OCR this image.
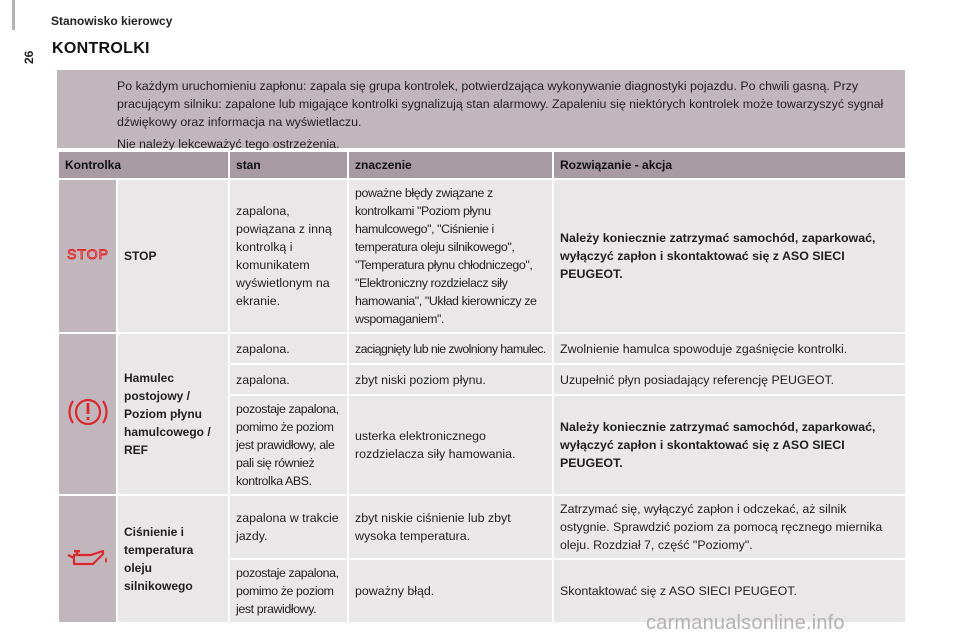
26
Stanowisko kierowcy
KONTROLKI

Po każdym uruchomieniu zapłonu: zapala się grupa kontrolek, potwierdzająca wykonywanie diagnostyki pojazdu. Po chwili gasną. Przy pracującym silniku: zapalone lub migające kontrolki sygnalizują stan alarmowy. Zapaleniu się niektórych kontrolek może towarzyszyć sygnał dźwiękowy oraz informacja na wyświetlaczu.

Nie należy lekceważyć tego ostrzeżenia.

Kontrolka		stan	znaczenie	Rozwiązanie - akcja

STOP	STOP	zapalona, powiązana z inną kontrolką i komunikatem wyświetlonym na ekranie.	poważne błędy związane z kontrolkami "Poziom płynu hamulcowego", "Ciśnienie i temperatura oleju silnikowego", "Temperatura płynu chłodniczego", "Elektroniczny rozdzielacz siły hamowania", "Układ kierowniczy ze wspomaganiem".	Należy koniecznie zatrzymać samochód, zaparkować, wyłączyć zapłon i skontaktować się z ASO SIECI PEUGEOT.
	Hamulec postojowy / Poziom płynu hamulcowego / REF	zapalona.	zaciągnięty lub nie zwolniony hamulec.	Zwolnienie hamulca spowoduje zgaśnięcie kontrolki.
		zapalona.	zbyt niski poziom płynu.	Uzupełnić płyn posiadający referencję PEUGEOT.
		pozostaje zapalona, pomimo że poziom jest prawidłowy, ale pali się również kontrolka ABS.	usterka elektronicznego rozdzielacza siły hamowania.	Należy koniecznie zatrzymać samochód, zaparkować, wyłączyć zapłon i skontaktować się z ASO SIECI PEUGEOT.
	Ciśnienie i temperatura oleju silnikowego	zapalona w trakcie jazdy.	zbyt niskie ciśnienie lub zbyt wysoka temperatura.	Zatrzymać się, wyłączyć zapłon i odczekać, aż silnik ostygnie. Sprawdzić poziom za pomocą ręcznego miernika oleju. Rozdział 7, część "Poziomy".
		pozostaje zapalona, pomimo że poziom jest prawidłowy.	poważny błąd.	Skontaktować się z ASO SIECI PEUGEOT.
carmanualsonline.info
